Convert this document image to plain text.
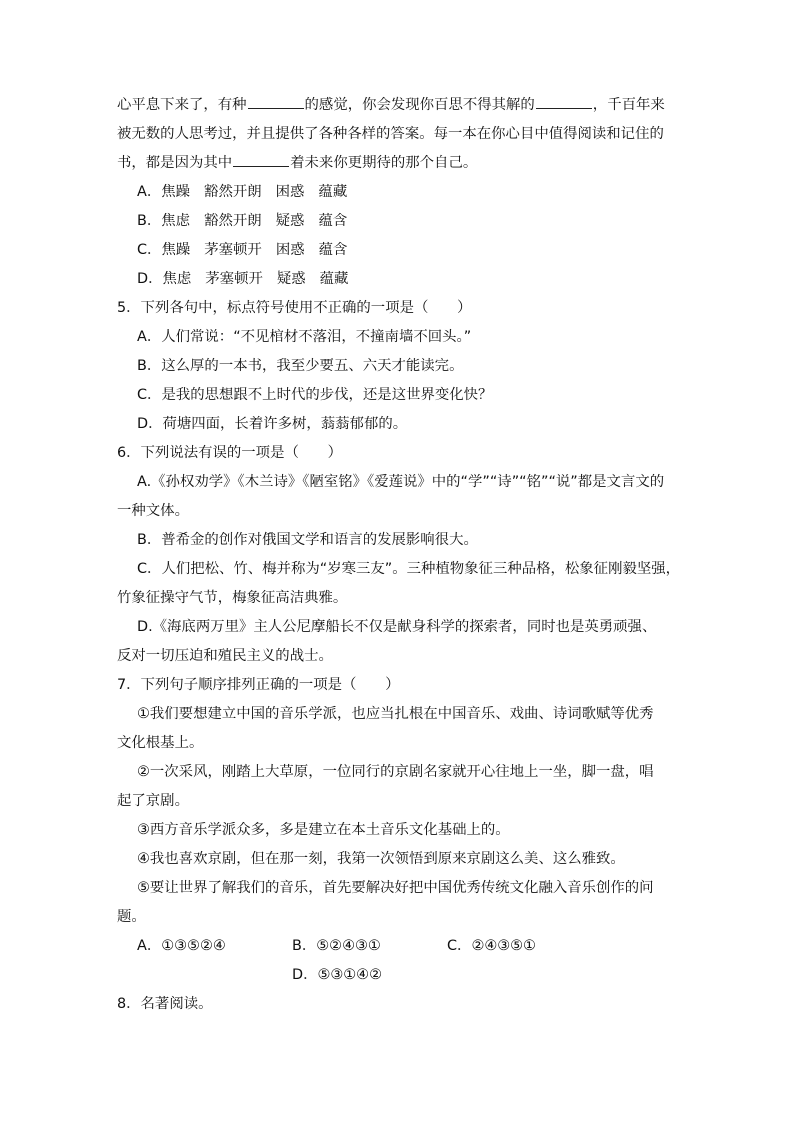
心平息下来了，有种	的感觉，你会发现你百思不得其解的	，千百年来
被无数的人思考过，并且提供了各种各样的答案。每一本在你心目中值得阅读和记住的
书，都是因为其中	着未来你更期待的那个自己。
A．焦躁 豁然开朗 困惑 蕴藏
B．焦虑 豁然开朗 疑惑 蕴含
C．焦躁 茅塞顿开 困惑 蕴含
D．焦虑 茅塞顿开 疑惑 蕴藏
5．下列各句中，标点符号使用不正确的一项是（　　）
A．人们常说：“不见棺材不落泪，不撞南墙不回头。”
B．这么厚的一本书，我至少要五、六天才能读完。
C．是我的思想跟不上时代的步伐，还是这世界变化快？
D．荷塘四面，长着许多树，蓊蓊郁郁的。
6．下列说法有误的一项是（　　）
A.《孙权劝学》《木兰诗》《陋室铭》《爱莲说》中的“学”“诗”“铭”“说”都是文言文的
一种文体。
B．普希金的创作对俄国文学和语言的发展影响很大。
C．人们把松、竹、梅并称为“岁寒三友”。三种植物象征三种品格，松象征刚毅坚强，
竹象征操守气节，梅象征高洁典雅。
D.《海底两万里》主人公尼摩船长不仅是献身科学的探索者，同时也是英勇顽强、
反对一切压迫和殖民主义的战士。
7．下列句子顺序排列正确的一项是（　　）
①我们要想建立中国的音乐学派，也应当扎根在中国音乐、戏曲、诗词歌赋等优秀
文化根基上。
②一次采风，刚踏上大草原，一位同行的京剧名家就开心往地上一坐，脚一盘，唱
起了京剧。
③西方音乐学派众多，多是建立在本土音乐文化基础上的。
④我也喜欢京剧，但在那一刻，我第一次领悟到原来京剧这么美、这么雅致。
⑤要让世界了解我们的音乐，首先要解决好把中国优秀传统文化融入音乐创作的问
题。
A．①③⑤②④	B．⑤②④③①	C．②④③⑤①
D．⑤③①④②
8．名著阅读。
